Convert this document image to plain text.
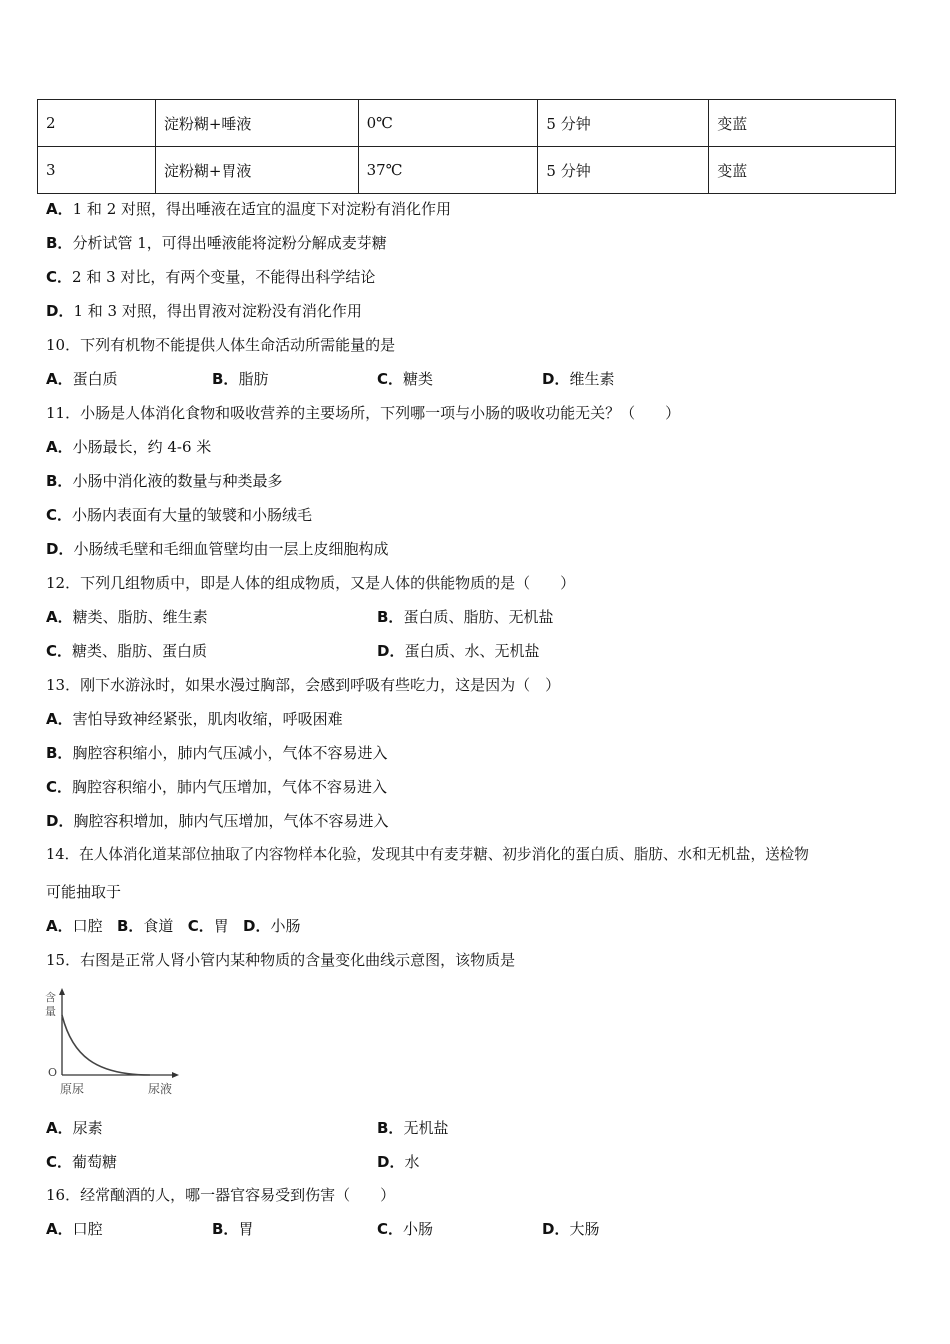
2	淀粉糊+唾液	0℃	5 分钟	变蓝
3	淀粉糊+胃液	37℃	5 分钟	变蓝
A．1 和 2 对照，得出唾液在适宜的温度下对淀粉有消化作用
B．分析试管 1，可得出唾液能将淀粉分解成麦芽糖
C．2 和 3 对比，有两个变量，不能得出科学结论
D．1 和 3 对照，得出胃液对淀粉没有消化作用
10．下列有机物不能提供人体生命活动所需能量的是
A．蛋白质	B．脂肪	C．糖类	D．维生素
11．小肠是人体消化食物和吸收营养的主要场所，下列哪一项与小肠的吸收功能无关？（　　）
A．小肠最长，约 4-6 米
B．小肠中消化液的数量与种类最多
C．小肠内表面有大量的皱襞和小肠绒毛
D．小肠绒毛壁和毛细血管壁均由一层上皮细胞构成
12．下列几组物质中，即是人体的组成物质，又是人体的供能物质的是（　　）
A．糖类、脂肪、维生素	B．蛋白质、脂肪、无机盐
C．糖类、脂肪、蛋白质	D．蛋白质、水、无机盐
13．刚下水游泳时，如果水漫过胸部，会感到呼吸有些吃力，这是因为（　）
A．害怕导致神经紧张，肌肉收缩，呼吸困难
B．胸腔容积缩小，肺内气压减小，气体不容易进入
C．胸腔容积缩小，肺内气压增加，气体不容易进入
D．胸腔容积增加，肺内气压增加，气体不容易进入
14．在人体消化道某部位抽取了内容物样本化验，发现其中有麦芽糖、初步消化的蛋白质、脂肪、水和无机盐，送检物
可能抽取于
A．口腔 B．食道 C．胃 D．小肠
15．右图是正常人肾小管内某种物质的含量变化曲线示意图，该物质是
含
量
O
原尿	尿液
A．尿素	B．无机盐
C．葡萄糖	D．水
16．经常酗酒的人，哪一器官容易受到伤害（　　）
A．口腔	B．胃	C．小肠	D．大肠
